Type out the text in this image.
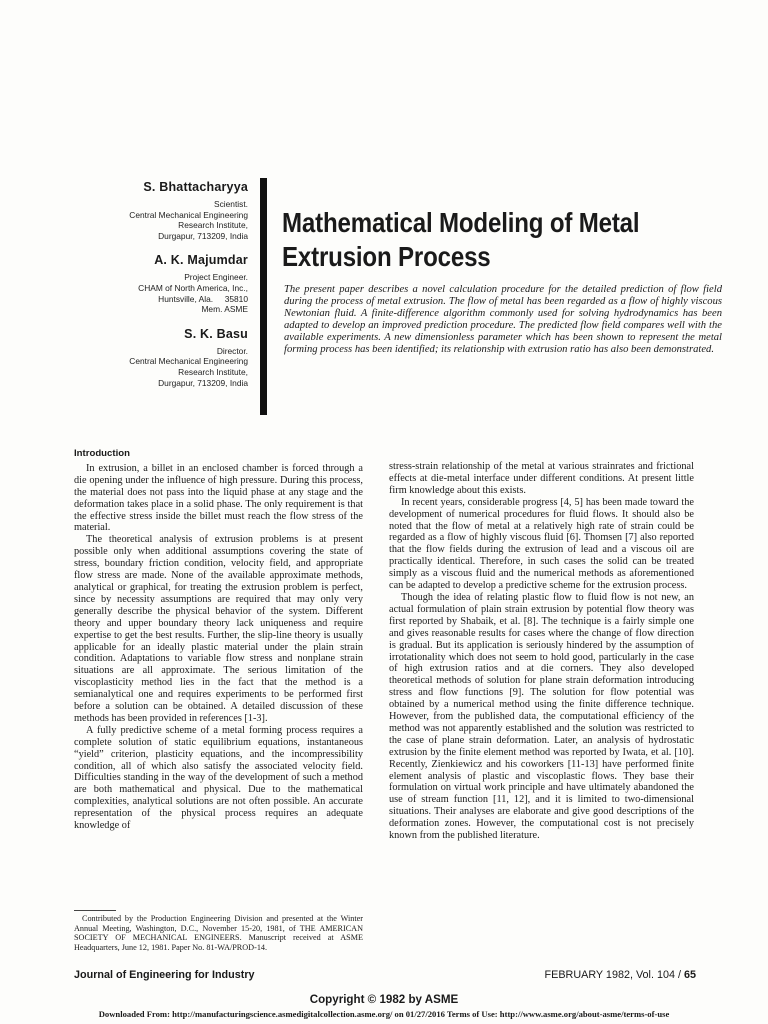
S. Bhattacharyya
Scientist.
Central Mechanical Engineering
Research Institute,
Durgapur, 713209, India
A. K. Majumdar
Project Engineer.
CHAM of North America, Inc.,
Huntsville, Ala.     35810
Mem. ASME
S. K. Basu
Director.
Central Mechanical Engineering
Research Institute,
Durgapur, 713209, India
Mathematical Modeling of Metal
Extrusion Process
The present paper describes a novel calculation procedure for the detailed prediction of flow field during the process of metal extrusion. The flow of metal has been regarded as a flow of highly viscous Newtonian fluid. A finite-difference algorithm commonly used for solving hydrodynamics has been adapted to develop an improved prediction procedure. The predicted flow field compares well with the available experiments. A new dimensionless parameter which has been shown to represent the metal forming process has been identified; its relationship with extrusion ratio has also been demonstrated.
Introduction

In extrusion, a billet in an enclosed chamber is forced through a die opening under the influence of high pressure. During this process, the material does not pass into the liquid phase at any stage and the deformation takes place in a solid phase. The only requirement is that the effective stress inside the billet must reach the flow stress of the material.

The theoretical analysis of extrusion problems is at present possible only when additional assumptions covering the state of stress, boundary friction condition, velocity field, and appropriate flow stress are made. None of the available approximate methods, analytical or graphical, for treating the extrusion problem is perfect, since by necessity assumptions are required that may only very generally describe the physical behavior of the system. Different theory and upper boundary theory lack uniqueness and require expertise to get the best results. Further, the slip-line theory is usually applicable for an ideally plastic material under the plain strain condition. Adaptations to variable flow stress and nonplane strain situations are all approximate. The serious limitation of the viscoplasticity method lies in the fact that the method is a semianalytical one and requires experiments to be performed first before a solution can be obtained. A detailed discussion of these methods has been provided in references [1-3].

A fully predictive scheme of a metal forming process requires a complete solution of static equilibrium equations, instantaneous “yield” criterion, plasticity equations, and the incompressibility condition, all of which also satisfy the associated velocity field. Difficulties standing in the way of the development of such a method are both mathematical and physical. Due to the mathematical complexities, analytical solutions are not often possible. An accurate representation of the physical process requires an adequate knowledge of

stress-strain relationship of the metal at various strainrates and frictional effects at die-metal interface under different conditions. At present little firm knowledge about this exists.

In recent years, considerable progress [4, 5] has been made toward the development of numerical procedures for fluid flows. It should also be noted that the flow of metal at a relatively high rate of strain could be regarded as a flow of highly viscous fluid [6]. Thomsen [7] also reported that the flow fields during the extrusion of lead and a viscous oil are practically identical. Therefore, in such cases the solid can be treated simply as a viscous fluid and the numerical methods as aforementioned can be adapted to develop a predictive scheme for the extrusion process.

Though the idea of relating plastic flow to fluid flow is not new, an actual formulation of plain strain extrusion by potential flow theory was first reported by Shabaik, et al. [8]. The technique is a fairly simple one and gives reasonable results for cases where the change of flow direction is gradual. But its application is seriously hindered by the assumption of irrotationality which does not seem to hold good, particularly in the case of high extrusion ratios and at die corners. They also developed theoretical methods of solution for plane strain deformation introducing stress and flow functions [9]. The solution for flow potential was obtained by a numerical method using the finite difference technique. However, from the published data, the computational efficiency of the method was not apparently established and the solution was restricted to the case of plane strain deformation. Later, an analysis of hydrostatic extrusion by the finite element method was reported by Iwata, et al. [10]. Recently, Zienkiewicz and his coworkers [11-13] have performed finite element analysis of plastic and viscoplastic flows. They base their formulation on virtual work principle and have ultimately abandoned the use of stream function [11, 12], and it is limited to two-dimensional situations. Their analyses are elaborate and give good descriptions of the deformation zones. However, the computational cost is not precisely known from the published literature.

Contributed by the Production Engineering Division and presented at the Winter Annual Meeting, Washington, D.C., November 15-20, 1981, of THE AMERICAN SOCIETY OF MECHANICAL ENGINEERS. Manuscript received at ASME Headquarters, June 12, 1981. Paper No. 81-WA/PROD-14.
Journal of Engineering for Industry	FEBRUARY 1982, Vol. 104 / 65
Copyright © 1982 by ASME
Downloaded From: http://manufacturingscience.asmedigitalcollection.asme.org/ on 01/27/2016 Terms of Use: http://www.asme.org/about-asme/terms-of-use
